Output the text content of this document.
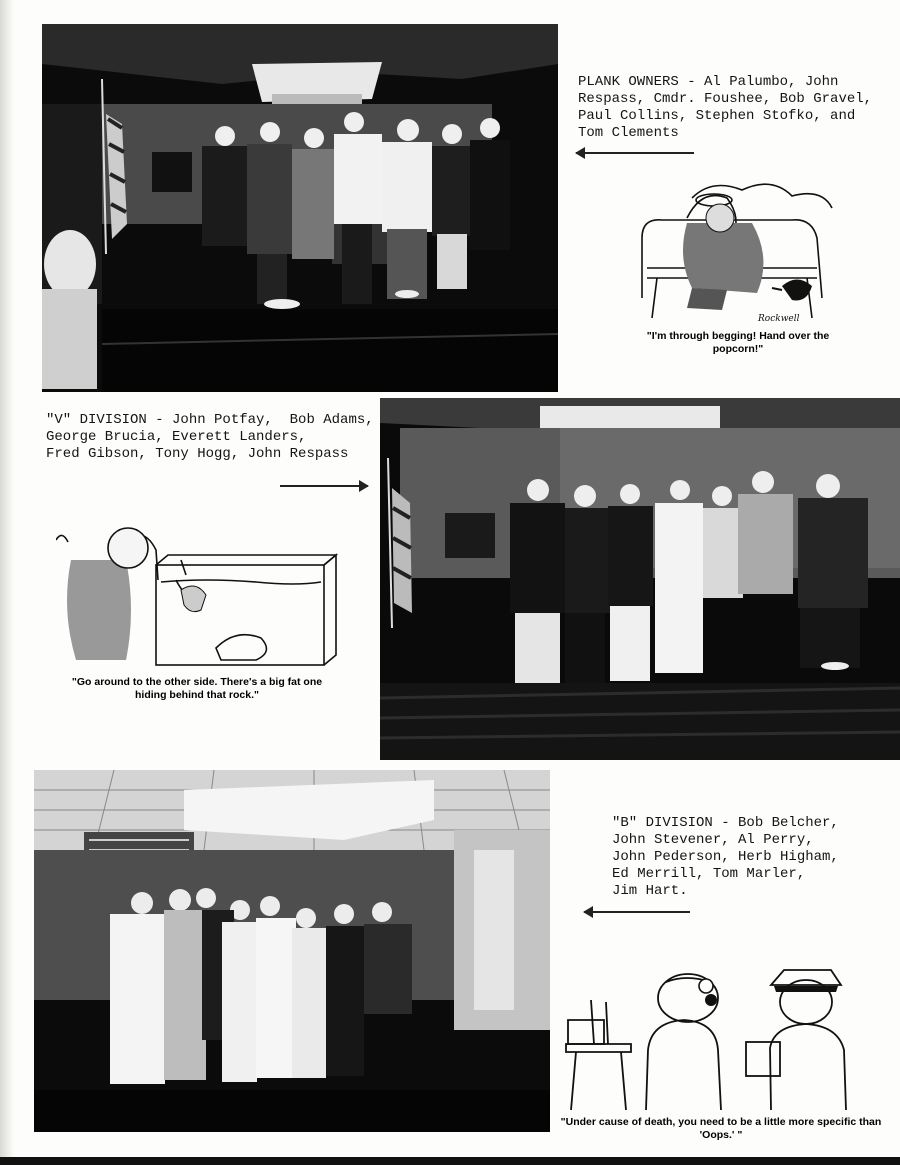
PLANK OWNERS - Al Palumbo, John
Respass, Cmdr. Foushee, Bob Gravel,
Paul Collins, Stephen Stofko, and
Tom Clements
Rockwell
"I'm through begging! Hand over the popcorn!"
"V" DIVISION - John Potfay,  Bob Adams,
George Brucia, Everett Landers,
Fred Gibson, Tony Hogg, John Respass
"Go around to the other side. There's a big fat one hiding behind that rock."
"B" DIVISION - Bob Belcher,
John Stevener, Al Perry,
John Pederson, Herb Higham,
Ed Merrill, Tom Marler,
Jim Hart.
"Under cause of death, you need to be a little more specific than 'Oops.' "
